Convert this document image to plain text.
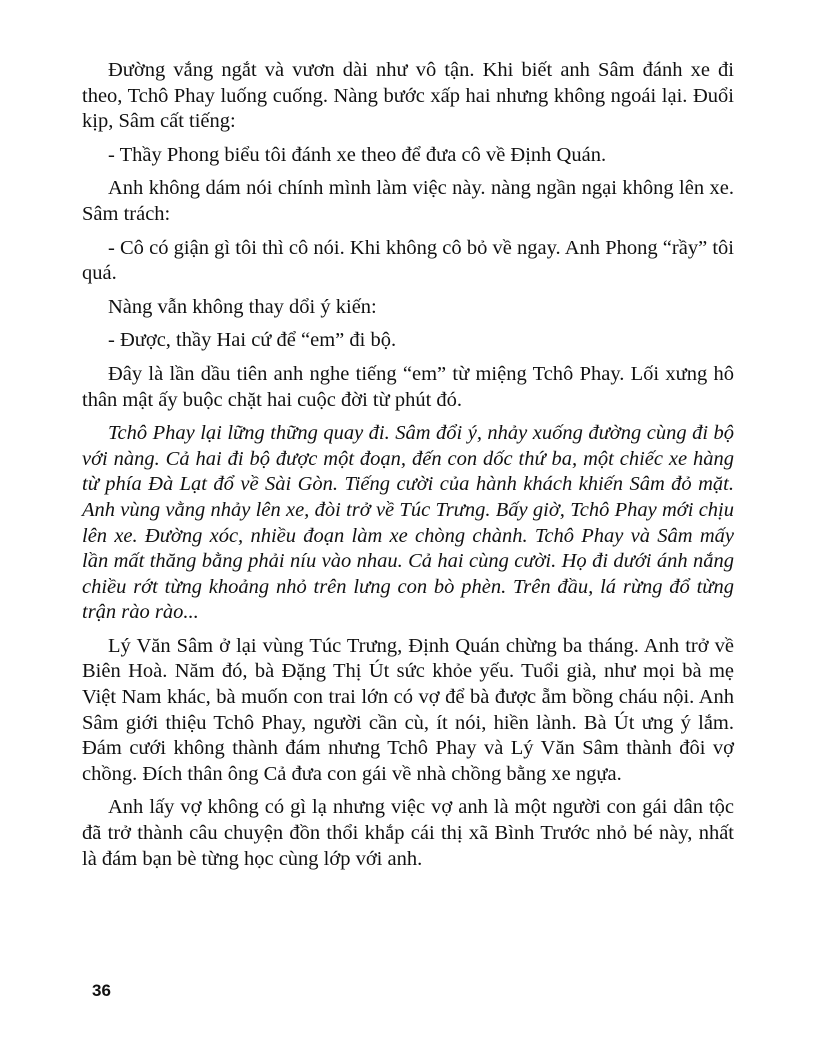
Đường vắng ngắt và vươn dài như vô tận. Khi biết anh Sâm đánh xe đi theo, Tchô Phay luống cuống. Nàng bước xấp hai nhưng không ngoái lại. Đuổi kịp, Sâm cất tiếng:

- Thầy Phong biểu tôi đánh xe theo để đưa cô về Định Quán.

Anh không dám nói chính mình làm việc này. nàng ngần ngại không lên xe. Sâm trách:

- Cô có giận gì tôi thì cô nói. Khi không cô bỏ về ngay. Anh Phong “rầy” tôi quá.

Nàng vẫn không thay dổi ý kiến:

- Được, thầy Hai cứ để “em” đi bộ.

Đây là lần dầu tiên anh nghe tiếng “em” từ miệng Tchô Phay. Lối xưng hô thân mật ấy buộc chặt hai cuộc đời từ phút đó.

Tchô Phay lại lững thững quay đi. Sâm đổi ý, nhảy xuống đường cùng đi bộ với nàng. Cả hai đi bộ được một đoạn, đến con dốc thứ ba, một chiếc xe hàng từ phía Đà Lạt đổ về Sài Gòn. Tiếng cười của hành khách khiến Sâm đỏ mặt. Anh vùng vằng nhảy lên xe, đòi trở về Túc Trưng. Bấy giờ, Tchô Phay mới chịu lên xe. Đường xóc, nhiều đoạn làm xe chòng chành. Tchô Phay và Sâm mấy lần mất thăng bằng phải níu vào nhau. Cả hai cùng cười. Họ đi dưới ánh nắng chiều rớt từng khoảng nhỏ trên lưng con bò phèn. Trên đầu, lá rừng đổ từng trận rào rào...

Lý Văn Sâm ở lại vùng Túc Trưng, Định Quán chừng ba tháng. Anh trở về Biên Hoà. Năm đó, bà Đặng Thị Út sức khỏe yếu. Tuổi già, như mọi bà mẹ Việt Nam khác, bà muốn con trai lớn có vợ để bà được ẵm bồng cháu nội. Anh Sâm giới thiệu Tchô Phay, người cần cù, ít nói, hiền lành. Bà Út ưng ý lắm. Đám cưới không thành đám nhưng Tchô Phay và Lý Văn Sâm thành đôi vợ chồng. Đích thân ông Cả đưa con gái về nhà chồng bằng xe ngựa.

Anh lấy vợ không có gì lạ nhưng việc vợ anh là một người con gái dân tộc đã trở thành câu chuyện đồn thổi khắp cái thị xã Bình Trước nhỏ bé này, nhất là đám bạn bè từng học cùng lớp với anh.

36
